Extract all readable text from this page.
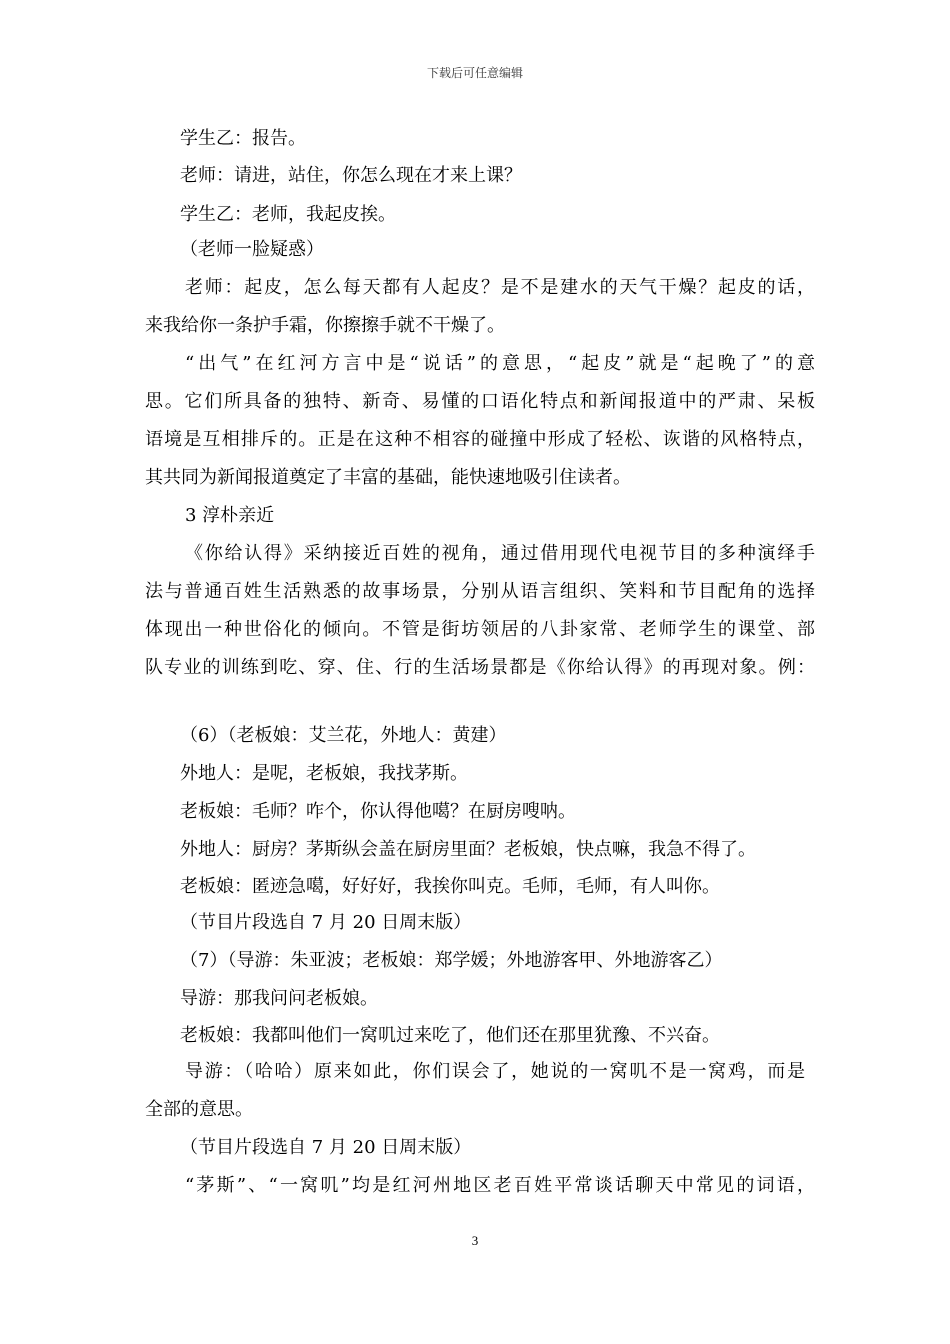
下载后可任意编辑
学生乙：报告。
老师：请进，站住，你怎么现在才来上课？
学生乙：老师，我起皮挨。
（老师一脸疑惑）
老师：起皮，怎么每天都有人起皮？是不是建水的天气干燥？起皮的话，
来我给你一条护手霜，你擦擦手就不干燥了。
“出气”在红河方言中是“说话”的意思，“起皮”就是“起晚了”的意
思。它们所具备的独特、新奇、易懂的口语化特点和新闻报道中的严肃、呆板
语境是互相排斥的。正是在这种不相容的碰撞中形成了轻松、诙谐的风格特点，
其共同为新闻报道奠定了丰富的基础，能快速地吸引住读者。
3 淳朴亲近
《你给认得》采纳接近百姓的视角，通过借用现代电视节目的多种演绎手
法与普通百姓生活熟悉的故事场景，分别从语言组织、笑料和节目配角的选择
体现出一种世俗化的倾向。不管是街坊领居的八卦家常、老师学生的课堂、部
队专业的训练到吃、穿、住、行的生活场景都是《你给认得》的再现对象。例：
（6）（老板娘：艾兰花，外地人：黄建）
外地人：是呢，老板娘，我找茅斯。
老板娘：毛师？咋个，你认得他噶？在厨房嗖呐。
外地人：厨房？茅斯纵会盖在厨房里面？老板娘，快点嘛，我急不得了。
老板娘：匿迹急噶，好好好，我挨你叫克。毛师，毛师，有人叫你。
（节目片段选自 7 月 20 日周末版）
（7）（导游：朱亚波；老板娘：郑学媛；外地游客甲、外地游客乙）
导游：那我问问老板娘。
老板娘：我都叫他们一窝叽过来吃了，他们还在那里犹豫、不兴奋。
导游：（哈哈）原来如此，你们误会了，她说的一窝叽不是一窝鸡，而是
全部的意思。
（节目片段选自 7 月 20 日周末版）
“茅斯”、“一窝叽”均是红河州地区老百姓平常谈话聊天中常见的词语，
3
